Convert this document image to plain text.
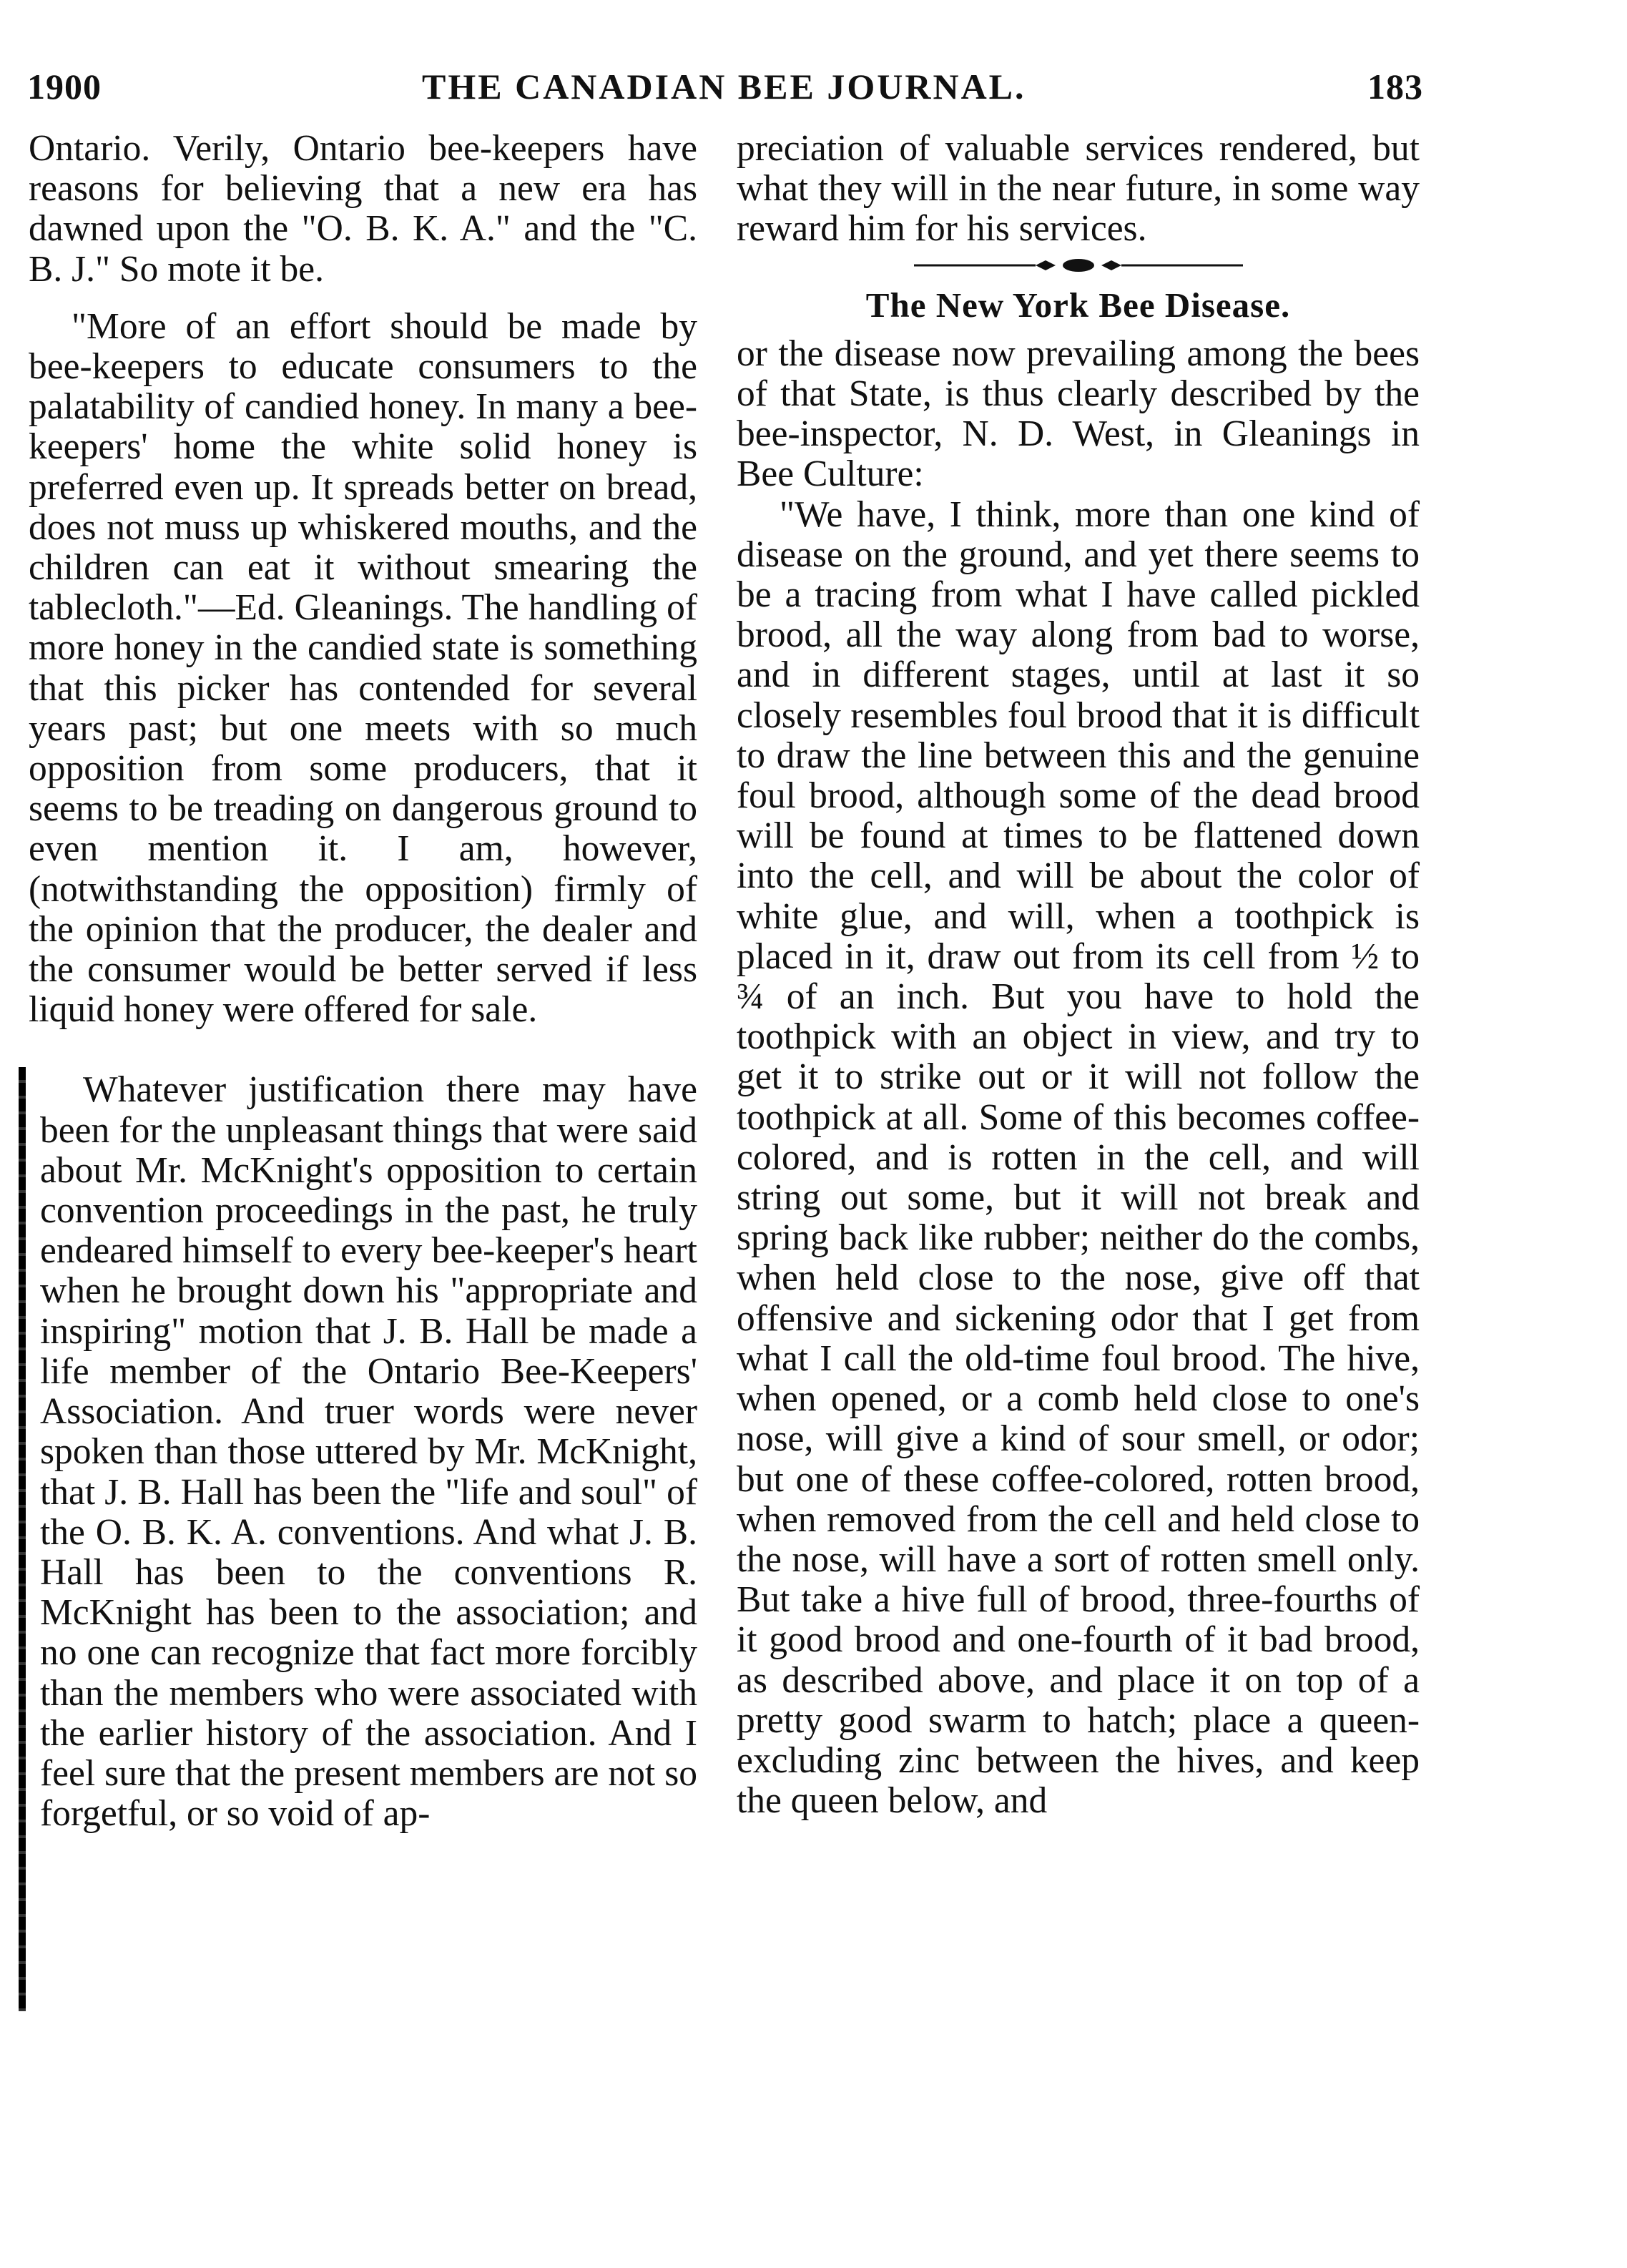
1900	THE CANADIAN BEE JOURNAL.	183

Ontario. Verily, Ontario bee-keepers have reasons for believing that a new era has dawned upon the "O. B. K. A." and the "C. B. J." So mote it be.

"More of an effort should be made by bee-keepers to educate consumers to the palatability of candied honey. In many a bee-keepers' home the white solid honey is preferred even up. It spreads better on bread, does not muss up whiskered mouths, and the children can eat it without smearing the tablecloth."—Ed. Gleanings. The handling of more honey in the candied state is something that this picker has contended for several years past; but one meets with so much opposition from some producers, that it seems to be treading on dangerous ground to even mention it. I am, however, (notwithstanding the opposition) firmly of the opinion that the producer, the dealer and the consumer would be better served if less liquid honey were offered for sale.

Whatever justification there may have been for the unpleasant things that were said about Mr. McKnight's opposition to certain convention proceedings in the past, he truly endeared himself to every bee-keeper's heart when he brought down his "appropriate and inspiring" motion that J. B. Hall be made a life member of the Ontario Bee-Keepers' Association. And truer words were never spoken than those uttered by Mr. McKnight, that J. B. Hall has been the "life and soul" of the O. B. K. A. conventions. And what J. B. Hall has been to the conventions R. McKnight has been to the association; and no one can recognize that fact more forcibly than the members who were associated with the earlier history of the association. And I feel sure that the present members are not so forgetful, or so void of ap-

preciation of valuable services rendered, but what they will in the near future, in some way reward him for his services.

The New York Bee Disease.

or the disease now prevailing among the bees of that State, is thus clearly described by the bee-inspector, N. D. West, in Gleanings in Bee Culture:

"We have, I think, more than one kind of disease on the ground, and yet there seems to be a tracing from what I have called pickled brood, all the way along from bad to worse, and in different stages, until at last it so closely resembles foul brood that it is difficult to draw the line between this and the genuine foul brood, although some of the dead brood will be found at times to be flattened down into the cell, and will be about the color of white glue, and will, when a toothpick is placed in it, draw out from its cell from ½ to ¾ of an inch. But you have to hold the toothpick with an object in view, and try to get it to strike out or it will not follow the toothpick at all. Some of this becomes coffee-colored, and is rotten in the cell, and will string out some, but it will not break and spring back like rubber; neither do the combs, when held close to the nose, give off that offensive and sickening odor that I get from what I call the old-time foul brood. The hive, when opened, or a comb held close to one's nose, will give a kind of sour smell, or odor; but one of these coffee-colored, rotten brood, when removed from the cell and held close to the nose, will have a sort of rotten smell only. But take a hive full of brood, three-fourths of it good brood and one-fourth of it bad brood, as described above, and place it on top of a pretty good swarm to hatch; place a queen-excluding zinc between the hives, and keep the queen below, and
